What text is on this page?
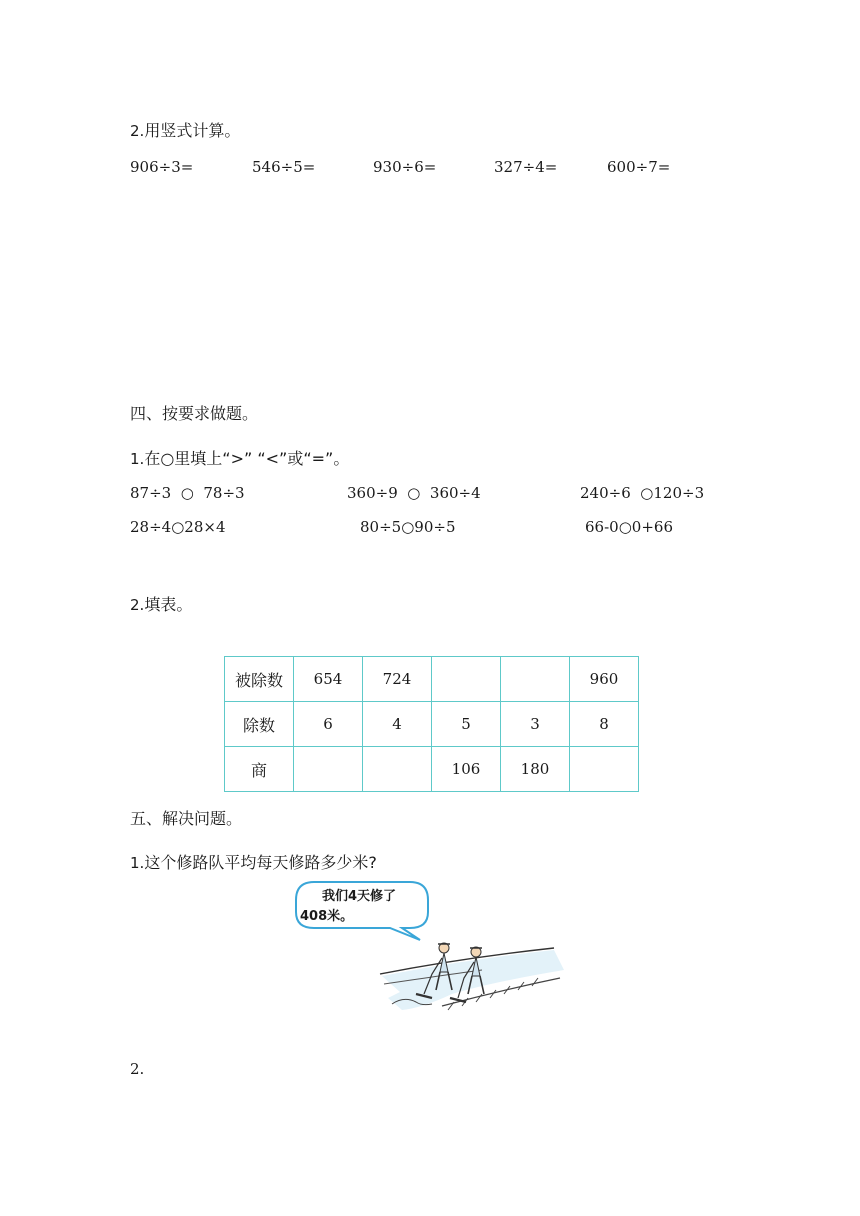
2.用竖式计算。
906÷3=	546÷5=	930÷6=	327÷4=	600÷7=
四、按要求做题。
1.在○里填上“>” “<”或“=”。
87÷3  ○  78÷3	360÷9  ○  360÷4	240÷6  ○120÷3
28÷4○28×4	80÷5○90÷5	66-0○0+66
2.填表。
被除数	654	724			960
除数	6	4	5	3	8
商			106	180	
五、解决问题。
1.这个修路队平均每天修路多少米?
我们4天修了
408米。
2.
